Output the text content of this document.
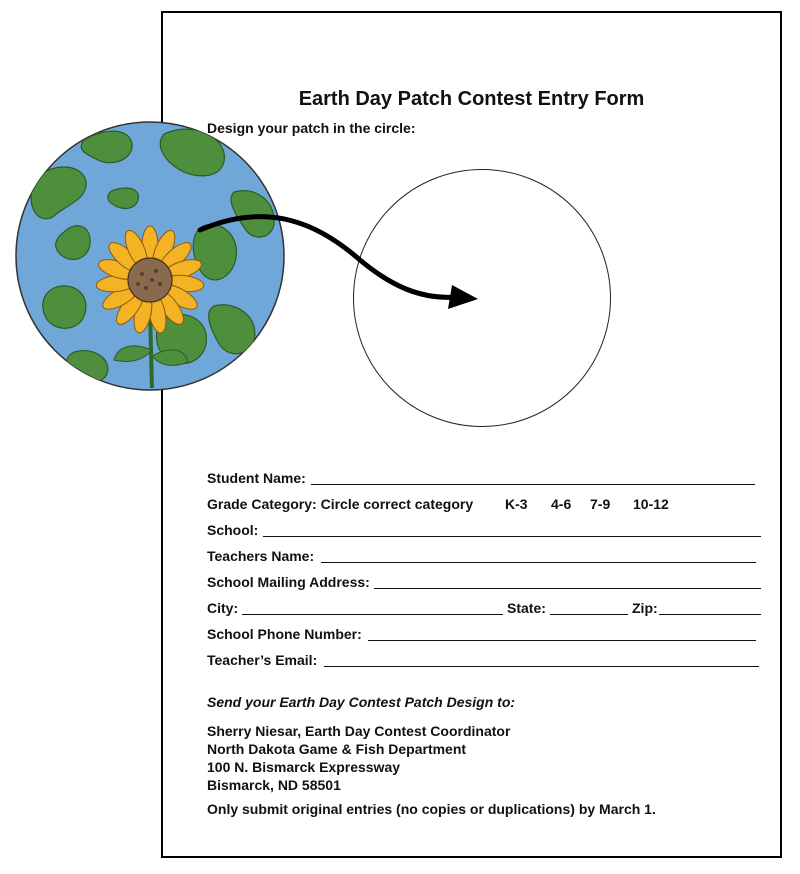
Earth Day Patch Contest Entry Form
Design your patch in the circle:
Student Name:
Grade Category: Circle correct category K-3 4-6 7-9 10-12
School:
Teachers Name:
School Mailing Address:
City:	State:	Zip:
School Phone Number:
Teacher’s Email:
Send your Earth Day Contest Patch Design to:
Sherry Niesar, Earth Day Contest Coordinator
North Dakota Game & Fish Department
100 N. Bismarck Expressway
Bismarck, ND 58501
Only submit original entries (no copies or duplications) by March 1.
